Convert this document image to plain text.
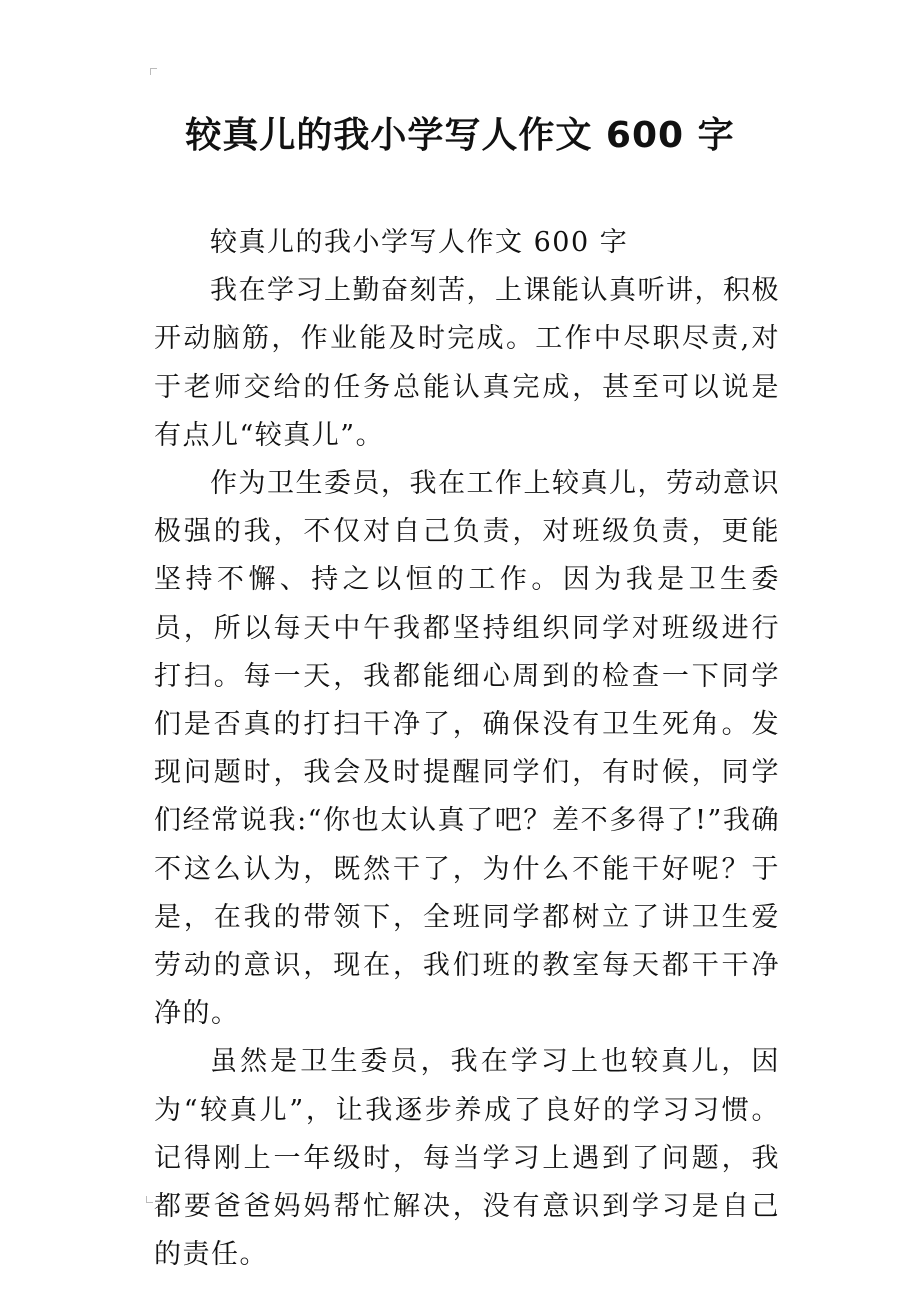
较真儿的我小学写人作文 600 字

较真儿的我小学写人作文 600 字

我在学习上勤奋刻苦，上课能认真听讲，积极开动脑筋，作业能及时完成。工作中尽职尽责,对于老师交给的任务总能认真完成，甚至可以说是有点儿“较真儿”。

作为卫生委员，我在工作上较真儿，劳动意识极强的我，不仅对自己负责，对班级负责，更能坚持不懈、持之以恒的工作。因为我是卫生委员，所以每天中午我都坚持组织同学对班级进行打扫。每一天，我都能细心周到的检查一下同学们是否真的打扫干净了，确保没有卫生死角。发现问题时，我会及时提醒同学们，有时候，同学们经常说我:“你也太认真了吧？差不多得了!”我确不这么认为，既然干了，为什么不能干好呢？于是，在我的带领下，全班同学都树立了讲卫生爱劳动的意识，现在，我们班的教室每天都干干净净的。

虽然是卫生委员，我在学习上也较真儿，因为“较真儿”，让我逐步养成了良好的学习习惯。记得刚上一年级时，每当学习上遇到了问题，我都要爸爸妈妈帮忙解决，没有意识到学习是自己的责任。
